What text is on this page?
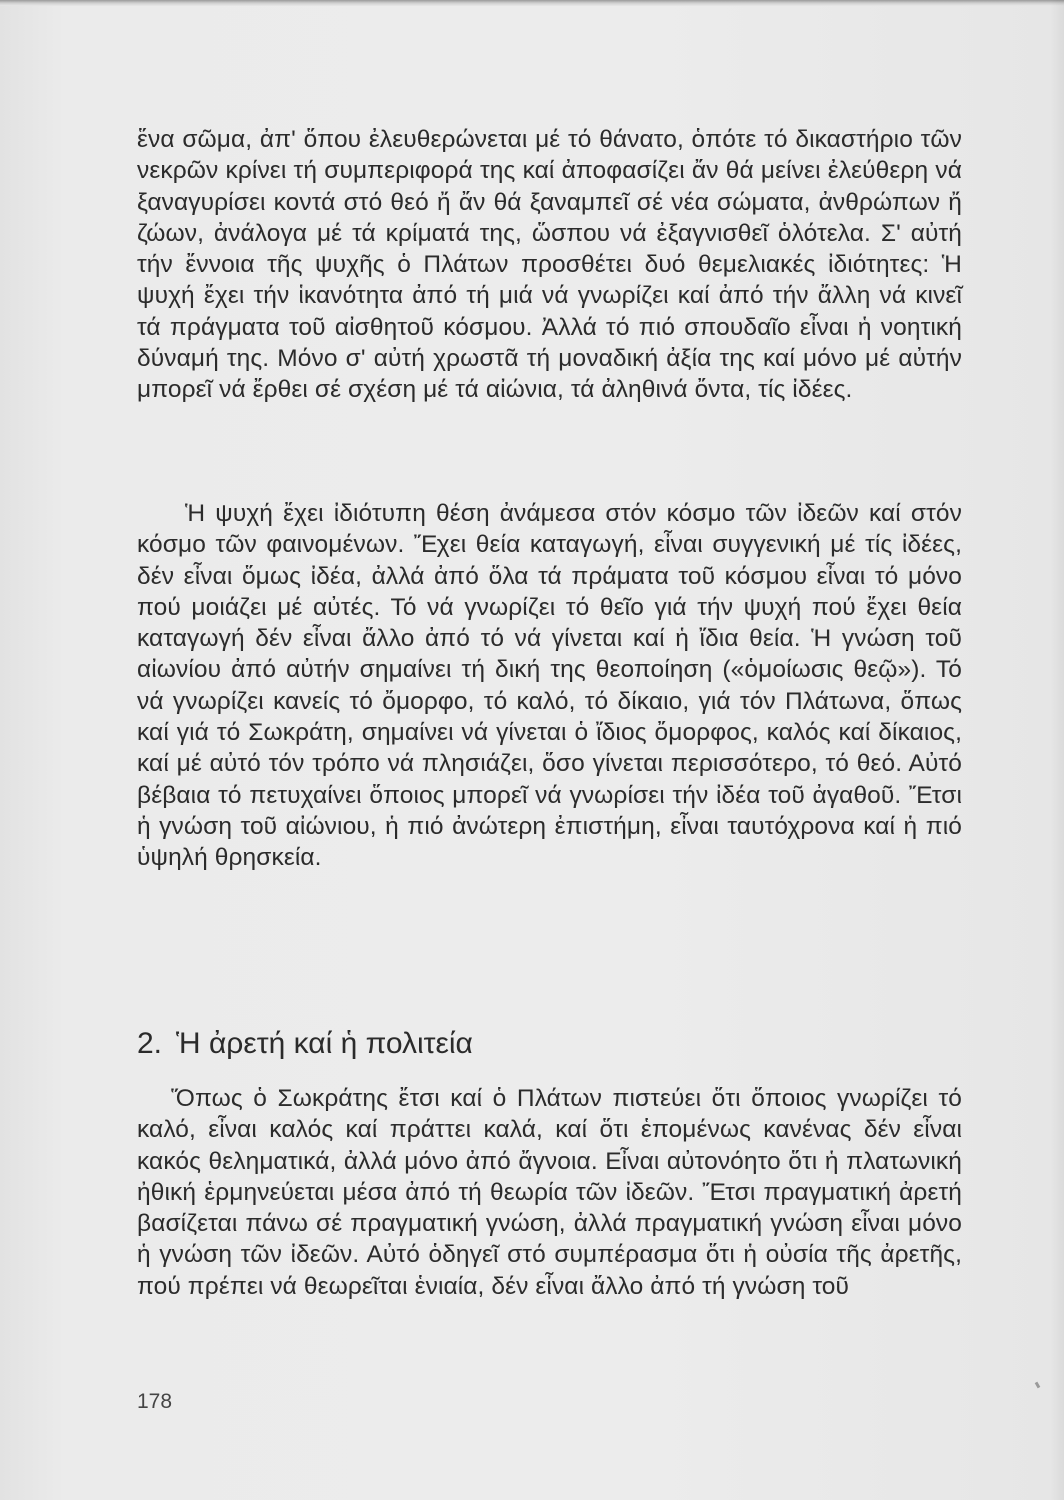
ἕνα σῶμα, ἀπ' ὅπου ἐλευθερώνεται μέ τό θάνατο, ὁπότε τό δικαστήριο τῶν νεκρῶν κρίνει τή συμπεριφορά της καί ἀποφασίζει ἄν θά μείνει ἐλεύθερη νά ξαναγυρίσει κοντά στό θεό ἤ ἄν θά ξαναμπεῖ σέ νέα σώματα, ἀνθρώπων ἤ ζώων, ἀνάλογα μέ τά κρίματά της, ὥσπου νά ἐξαγνισθεῖ ὁλότελα. Σ' αὐτή τήν ἔννοια τῆς ψυχῆς ὁ Πλάτων προσθέτει δυό θεμελιακές ἰδιότητες: Ἡ ψυχή ἔχει τήν ἱκανότητα ἀπό τή μιά νά γνωρίζει καί ἀπό τήν ἄλλη νά κινεῖ τά πράγματα τοῦ αἰσθητοῦ κόσμου. Ἀλλά τό πιό σπουδαῖο εἶναι ἡ νοητική δύναμή της. Μόνο σ' αὐτή χρωστᾶ τή μοναδική ἀξία της καί μόνο μέ αὐτήν μπορεῖ νά ἔρθει σέ σχέση μέ τά αἰώνια, τά ἀληθινά ὄντα, τίς ἰδέες.
Ἡ ψυχή ἔχει ἰδιότυπη θέση ἀνάμεσα στόν κόσμο τῶν ἰδεῶν καί στόν κόσμο τῶν φαινομένων. Ἔχει θεία καταγωγή, εἶναι συγγενική μέ τίς ἰδέες, δέν εἶναι ὅμως ἰδέα, ἀλλά ἀπό ὅλα τά πράματα τοῦ κόσμου εἶναι τό μόνο πού μοιάζει μέ αὐτές. Τό νά γνωρίζει τό θεῖο γιά τήν ψυχή πού ἔχει θεία καταγωγή δέν εἶναι ἄλλο ἀπό τό νά γίνεται καί ἡ ἴδια θεία. Ἡ γνώση τοῦ αἰωνίου ἀπό αὐτήν σημαίνει τή δική της θεοποίηση («ὁμοίωσις θεῷ»). Τό νά γνωρίζει κανείς τό ὄμορφο, τό καλό, τό δίκαιο, γιά τόν Πλάτωνα, ὅπως καί γιά τό Σωκράτη, σημαίνει νά γίνεται ὁ ἴδιος ὄμορφος, καλός καί δίκαιος, καί μέ αὐτό τόν τρόπο νά πλησιάζει, ὅσο γίνεται περισσότερο, τό θεό. Αὐτό βέβαια τό πετυχαίνει ὅποιος μπορεῖ νά γνωρίσει τήν ἰδέα τοῦ ἀγαθοῦ. Ἔτσι ἡ γνώση τοῦ αἰώνιου, ἡ πιό ἀνώτερη ἐπιστήμη, εἶναι ταυτόχρονα καί ἡ πιό ὑψηλή θρησκεία.
2. Ἡ ἀρετή καί ἡ πολιτεία
Ὅπως ὁ Σωκράτης ἔτσι καί ὁ Πλάτων πιστεύει ὅτι ὅποιος γνωρίζει τό καλό, εἶναι καλός καί πράττει καλά, καί ὅτι ἑπομένως κανένας δέν εἶναι κακός θεληματικά, ἀλλά μόνο ἀπό ἄγνοια. Εἶναι αὐτονόητο ὅτι ἡ πλατωνική ἠθική ἑρμηνεύεται μέσα ἀπό τή θεωρία τῶν ἰδεῶν. Ἔτσι πραγματική ἀρετή βασίζεται πάνω σέ πραγματική γνώση, ἀλλά πραγματική γνώση εἶναι μόνο ἡ γνώση τῶν ἰδεῶν. Αὐτό ὁδηγεῖ στό συμπέρασμα ὅτι ἡ οὐσία τῆς ἀρετῆς, πού πρέπει νά θεωρεῖται ἑνιαία, δέν εἶναι ἄλλο ἀπό τή γνώση τοῦ
178
